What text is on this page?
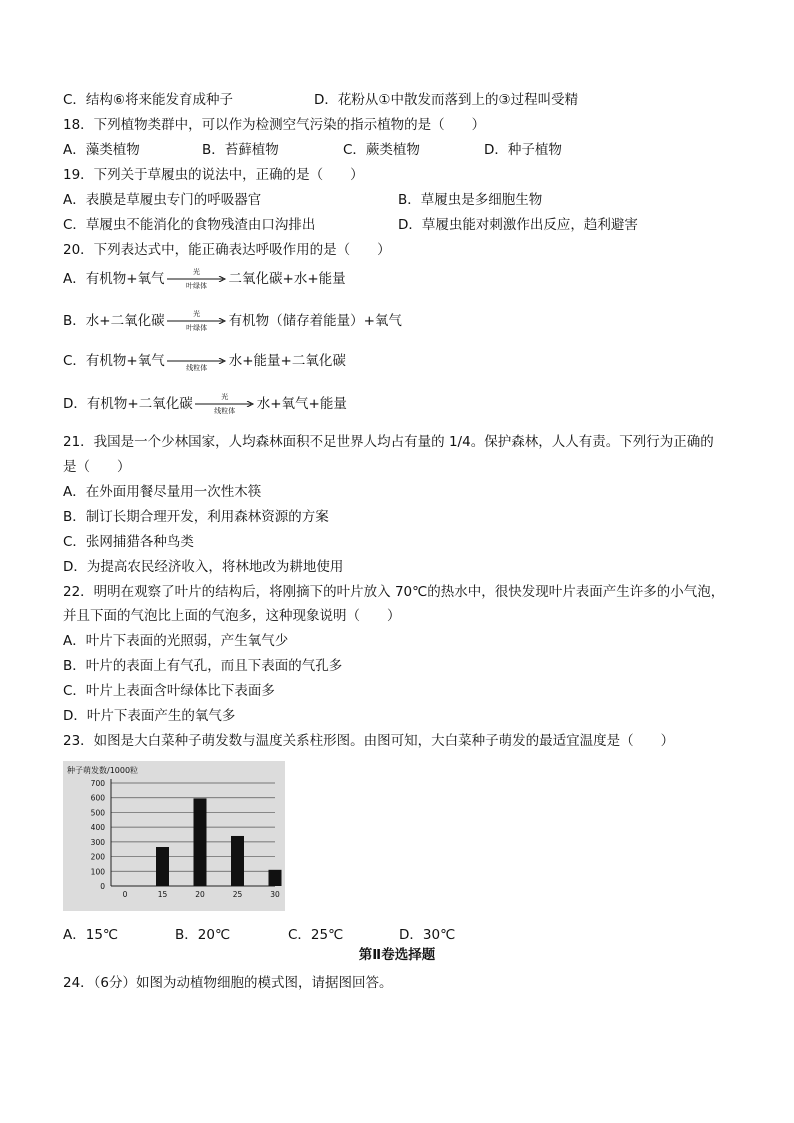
C．结构⑥将来能发育成种子	D．花粉从①中散发而落到上的③过程叫受精
18．下列植物类群中，可以作为检测空气污染的指示植物的是（　　）
A．藻类植物	B．苔藓植物	C．蕨类植物	D．种子植物
19．下列关于草履虫的说法中，正确的是（　　）
A．表膜是草履虫专门的呼吸器官	B．草履虫是多细胞生物
C．草履虫不能消化的食物残渣由口沟排出	D．草履虫能对刺激作出反应，趋利避害
20．下列表达式中，能正确表达呼吸作用的是（　　）
A．有机物+氧气	光
叶绿体 二氧化碳+水+能量
B．水+二氧化碳	光
叶绿体 有机物（储存着能量）+氧气
C．有机物+氧气	线粒体 水+能量+二氧化碳
D．有机物+二氧化碳	光
线粒体 水+氧气+能量
21．我国是一个少林国家，人均森林面积不足世界人均占有量的 1/4。保护森林，人人有责。下列行为正确的
是（　　）
A．在外面用餐尽量用一次性木筷
B．制订长期合理开发，利用森林资源的方案
C．张网捕猎各种鸟类
D．为提高农民经济收入，将林地改为耕地使用
22．明明在观察了叶片的结构后，将刚摘下的叶片放入 70℃的热水中，很快发现叶片表面产生许多的小气泡，
并且下面的气泡比上面的气泡多，这种现象说明（　　）
A．叶片下表面的光照弱，产生氧气少
B．叶片的表面上有气孔，而且下表面的气孔多
C．叶片上表面含叶绿体比下表面多
D．叶片下表面产生的氧气多
23．如图是大白菜种子萌发数与温度关系柱形图。由图可知，大白菜种子萌发的最适宜温度是（　　）
种子萌发数/1000粒
0
100
200
300
400
500
600
700
0	15	20	25	30
A．15℃	B．20℃	C．25℃	D．30℃
第Ⅱ卷选择题
24．（6分）如图为动植物细胞的模式图，请据图回答。
